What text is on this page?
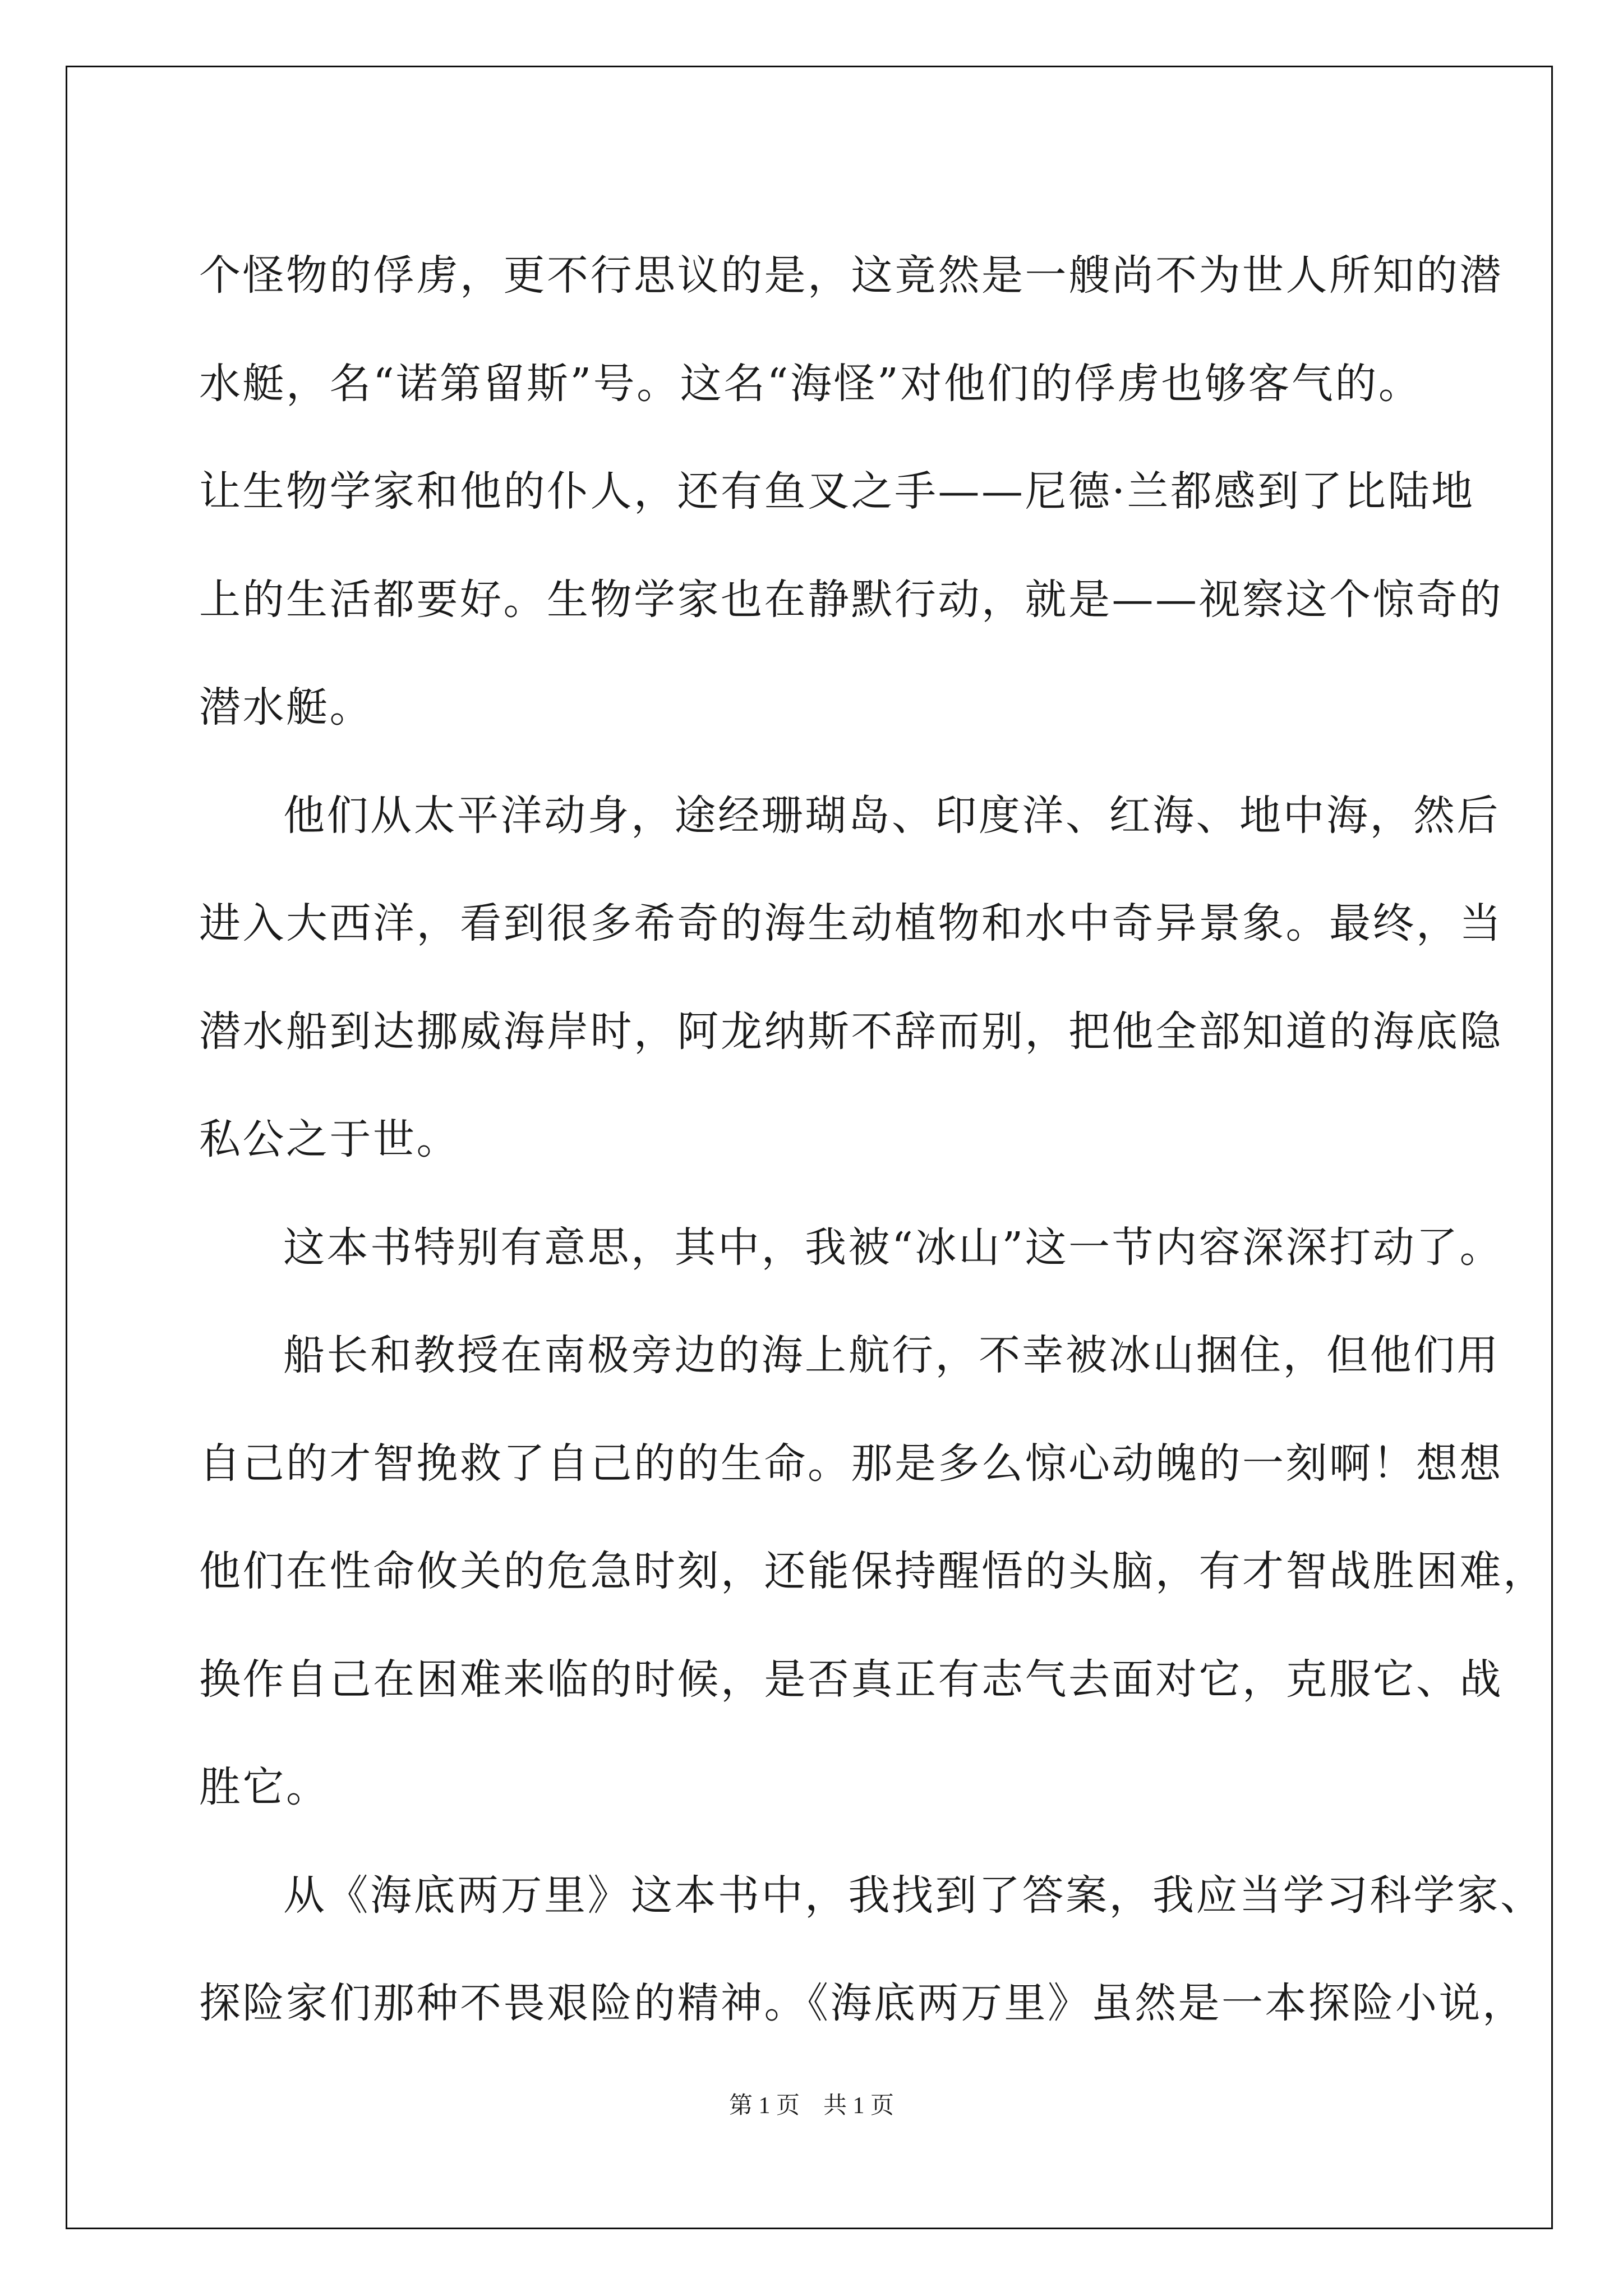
个怪物的俘虏，更不行思议的是，这竟然是一艘尚不为世人所知的潜
水艇，名“诺第留斯”号。这名“海怪”对他们的俘虏也够客气的。
让生物学家和他的仆人，还有鱼叉之手——尼德·兰都感到了比陆地
上的生活都要好。生物学家也在静默行动，就是——视察这个惊奇的
潜水艇。
他们从太平洋动身，途经珊瑚岛、印度洋、红海、地中海，然后
进入大西洋，看到很多希奇的海生动植物和水中奇异景象。最终，当
潜水船到达挪威海岸时，阿龙纳斯不辞而别，把他全部知道的海底隐
私公之于世。
这本书特别有意思，其中，我被“冰山”这一节内容深深打动了。
船长和教授在南极旁边的海上航行，不幸被冰山捆住，但他们用
自己的才智挽救了自己的的生命。那是多么惊心动魄的一刻啊！想想
他们在性命攸关的危急时刻，还能保持醒悟的头脑，有才智战胜困难，
换作自己在困难来临的时候，是否真正有志气去面对它，克服它、战
胜它。
从《海底两万里》这本书中，我找到了答案，我应当学习科学家、
探险家们那种不畏艰险的精神。《海底两万里》虽然是一本探险小说，
第 1 页　共 1 页
